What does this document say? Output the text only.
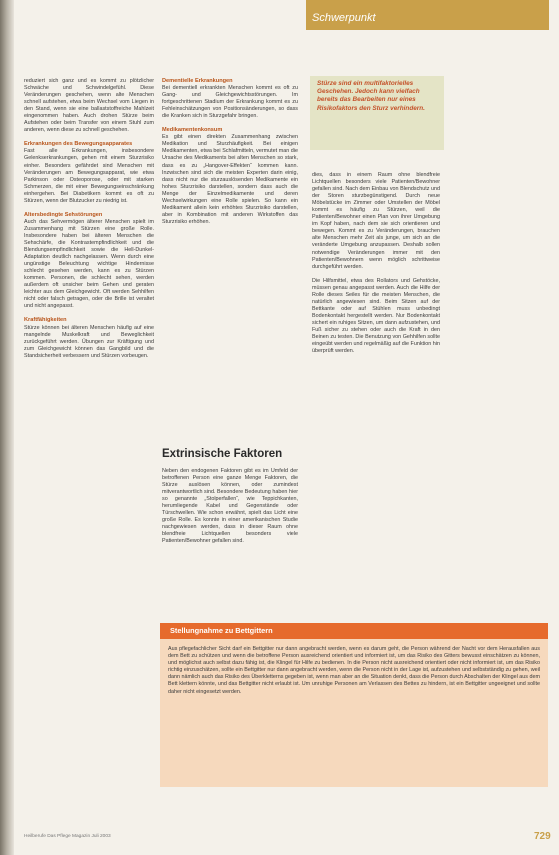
Schwerpunkt

reduziert sich ganz und es kommt zu plötzlicher Schwäche und Schwindelgefühl. Diese Veränderungen geschehen, wenn alte Menschen schnell aufstehen, etwa beim Wechsel vom Liegen in den Stand, wenn sie eine ballaststoffreiche Mahlzeit eingenommen haben. Auch drohen Stürze beim Aufstehen oder beim Transfer von einem Stuhl zum anderen, wenn diese zu schnell geschehen.

Erkrankungen des Bewegungsapparates

Fast alle Erkrankungen, insbesondere Gelenkserkrankungen, gehen mit einem Sturzrisiko einher. Besonders gefährdet sind Menschen mit Veränderungen am Bewegungsapparat, wie etwa Parkinson oder Osteoporose, oder mit starken Schmerzen, die mit einer Bewegungseinschränkung einhergehen. Bei Diabetikern kommt es oft zu Stürzen, wenn der Blutzucker zu niedrig ist.

Altersbedingte Sehstörungen

Auch das Sehvermögen älterer Menschen spielt im Zusammenhang mit Stürzen eine große Rolle. Insbesondere haben bei älteren Menschen die Sehschärfe, die Kontrastempfindlichkeit und die Blendungsempfindlichkeit sowie die Hell-Dunkel-Adaptation deutlich nachgelassen. Wenn durch eine ungünstige Beleuchtung wichtige Hindernisse schlecht gesehen werden, kann es zu Stürzen kommen. Personen, die schlecht sehen, werden außerdem oft unsicher beim Gehen und geraten leichter aus dem Gleichgewicht. Oft werden Sehhilfen nicht oder falsch getragen, oder die Brille ist veraltet und nicht angepasst.

Kraftfähigkeiten

Stürze können bei älteren Menschen häufig auf eine mangelnde Muskelkraft und Beweglichkeit zurückgeführt werden. Übungen zur Kräftigung und zum Gleichgewicht können das Gangbild und die Standsicherheit verbessern und Stürzen vorbeugen.

Dementielle Erkrankungen

Bei dementiell erkrankten Menschen kommt es oft zu Gang- und Gleichgewichtsstörungen. Im fortgeschrittenen Stadium der Erkrankung kommt es zu Fehleinschätzungen von Positionsänderungen, so dass die Kranken sich in Sturzgefahr bringen.

Medikamentenkonsum

Es gibt einen direkten Zusammenhang zwischen Medikation und Sturzhäufigkeit. Bei einigen Medikamenten, etwa bei Schlafmitteln, vermutet man die Ursache des Medikaments bei alten Menschen so stark, dass es zu „Hangover-Effekten“ kommen kann. Inzwischen sind sich die meisten Experten darin einig, dass nicht nur die sturzauslösenden Medikamente ein hohes Sturzrisiko darstellen, sondern dass auch die Menge der Einzelmedikamente und deren Wechselwirkungen eine Rolle spielen. So kann ein Medikament allein kein erhöhtes Sturzrisiko darstellen, aber in Kombination mit anderen Wirkstoffen das Sturzrisiko erhöhen.

Extrinsische Faktoren

Neben den endogenen Faktoren gibt es im Umfeld der betroffenen Person eine ganze Menge Faktoren, die Stürze auslösen können, oder zumindest mitverantwortlich sind. Besondere Bedeutung haben hier so genannte „Stolperfallen“, wie Teppichkanten, herumliegende Kabel und Gegenstände oder Türschwellen. Wie schon erwähnt, spielt das Licht eine große Rolle. Es konnte in einer amerikanischen Studie nachgewiesen werden, dass in dieser Raum ohne blendfreie Lichtquellen besonders viele Patienten/Bewohner gefallen sind.

Stürze sind ein multifaktorielles Geschehen. Jedoch kann vielfach bereits das Bearbeiten nur eines Risikofaktors den Sturz verhindern.

dies, dass in einem Raum ohne blendfreie Lichtquellen besonders viele Patienten/Bewohner gefallen sind. Nach dem Einbau von Blendschutz und der Storen sturzbegünstigend. Durch neue Möbelstücke im Zimmer oder Umstellen der Möbel kommt es häufig zu Stürzen, weil die Patienten/Bewohner einen Plan von ihrer Umgebung im Kopf haben, nach dem sie sich orientieren und bewegen. Kommt es zu Veränderungen, brauchen alte Menschen mehr Zeit als junge, um sich an die veränderte Umgebung anzupassen. Deshalb sollen notwendige Veränderungen immer mit den Patienten/Bewohnern wenn möglich schrittweise durchgeführt werden.

Die Hilfsmittel, etwa des Rollators und Gehstöcke, müssen genau angepasst werden. Auch die Hilfe der Rolle dieses Seiles für die meisten Menschen, die natürlich angewiesen sind. Beim Sitzen auf der Bettkante oder auf Stühlen muss unbedingt Bodenkontakt hergestellt werden. Nur Bodenkontakt sichert ein ruhiges Sitzen, um dann aufzustehen, und Fuß sicher zu stehen oder auch die Kraft in den Beinen zu testen. Die Benutzung von Gehhilfen sollte eingeübt werden und regelmäßig auf die Funktion hin überprüft werden.

Stellungnahme zu Bettgittern

Aus pflegefachlicher Sicht darf ein Bettgitter nur dann angebracht werden, wenn es darum geht, die Person während der Nacht vor dem Herausfallen aus dem Bett zu schützen und wenn die betroffene Person ausreichend orientiert und informiert ist, um das Risiko des Gitters bewusst einschätzen zu können, und möglichst auch selbst dazu fähig ist, die Klingel für Hilfe zu bedienen. In die Person nicht ausreichend orientiert oder nicht informiert ist, um das Risiko richtig einzuschätzen, sollte ein Bettgitter nur dann angebracht werden, wenn die Person nicht in der Lage ist, aufzustehen und selbstständig zu gehen, weil dann nämlich auch das Risiko des Überkletterns gegeben ist, wenn man aber an die Situation denkt, dass die Person durch Abschalten der Klingel aus dem Bett klettern könnte, und das Bettgitter nicht erlaubt ist. Um unruhige Personen am Verlassen des Bettes zu hindern, ist ein Bettgitter ungeeignet und sollte daher nicht eingesetzt werden.

Heilberufe Das Pflege Magazin Juli 2003	729
